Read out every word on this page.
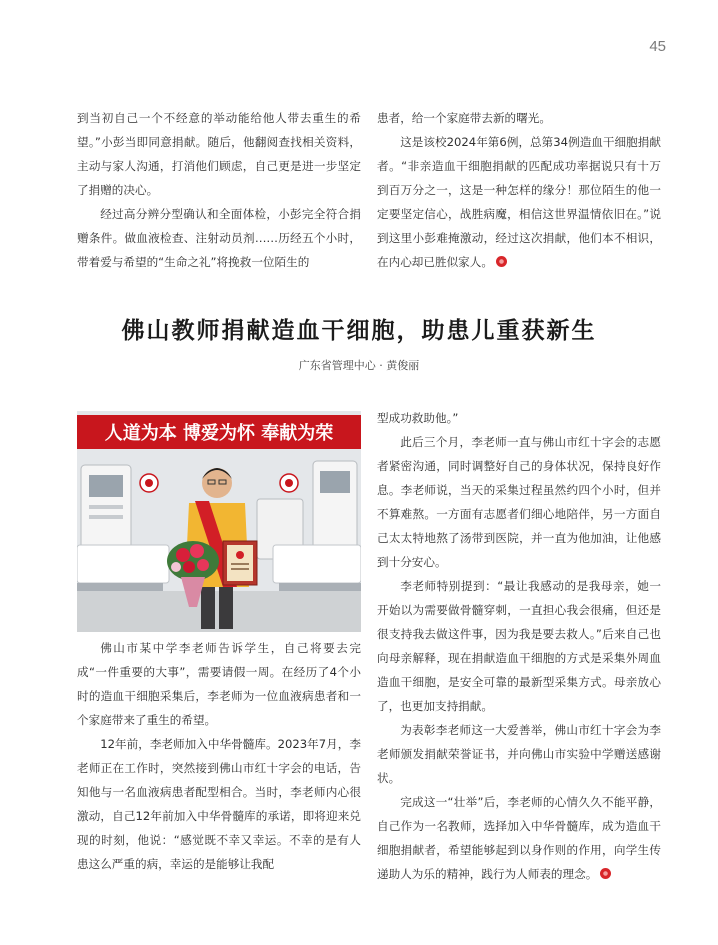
45

到当初自己一个不经意的举动能给他人带去重生的希望。”小彭当即同意捐献。随后，他翻阅查找相关资料，主动与家人沟通，打消他们顾虑，自己更是进一步坚定了捐赠的决心。

经过高分辨分型确认和全面体检，小彭完全符合捐赠条件。做血液检查、注射动员剂……历经五个小时，带着爱与希望的“生命之礼”将挽救一位陌生的

患者，给一个家庭带去新的曙光。

这是该校2024年第6例，总第34例造血干细胞捐献者。“非亲造血干细胞捐献的匹配成功率据说只有十万到百万分之一，这是一种怎样的缘分！那位陌生的他一定要坚定信心，战胜病魔，相信这世界温情依旧在。”说到这里小彭难掩激动，经过这次捐献，他们本不相识，在内心却已胜似家人。

佛山教师捐献造血干细胞，助患儿重获新生
广东省管理中心 · 黄俊丽
人道为本 博爱为怀 奉献为荣

佛山市某中学李老师告诉学生，自己将要去完成“一件重要的大事”，需要请假一周。在经历了4个小时的造血干细胞采集后，李老师为一位血液病患者和一个家庭带来了重生的希望。

12年前，李老师加入中华骨髓库。2023年7月，李老师正在工作时，突然接到佛山市红十字会的电话，告知他与一名血液病患者配型相合。当时，李老师内心很激动，自己12年前加入中华骨髓库的承诺，即将迎来兑现的时刻，他说：“感觉既不幸又幸运。不幸的是有人患这么严重的病，幸运的是能够让我配

型成功救助他。”

此后三个月，李老师一直与佛山市红十字会的志愿者紧密沟通，同时调整好自己的身体状况，保持良好作息。李老师说，当天的采集过程虽然约四个小时，但并不算难熬。一方面有志愿者们细心地陪伴，另一方面自己太太特地熬了汤带到医院，并一直为他加油，让他感到十分安心。

李老师特别提到：“最让我感动的是我母亲，她一开始以为需要做骨髓穿刺，一直担心我会很痛，但还是很支持我去做这件事，因为我是要去救人。”后来自己也向母亲解释，现在捐献造血干细胞的方式是采集外周血造血干细胞，是安全可靠的最新型采集方式。母亲放心了，也更加支持捐献。

为表彰李老师这一大爱善举，佛山市红十字会为李老师颁发捐献荣誉证书，并向佛山市实验中学赠送感谢状。

完成这一“壮举”后，李老师的心情久久不能平静，自己作为一名教师，选择加入中华骨髓库，成为造血干细胞捐献者，希望能够起到以身作则的作用，向学生传递助人为乐的精神，践行为人师表的理念。
